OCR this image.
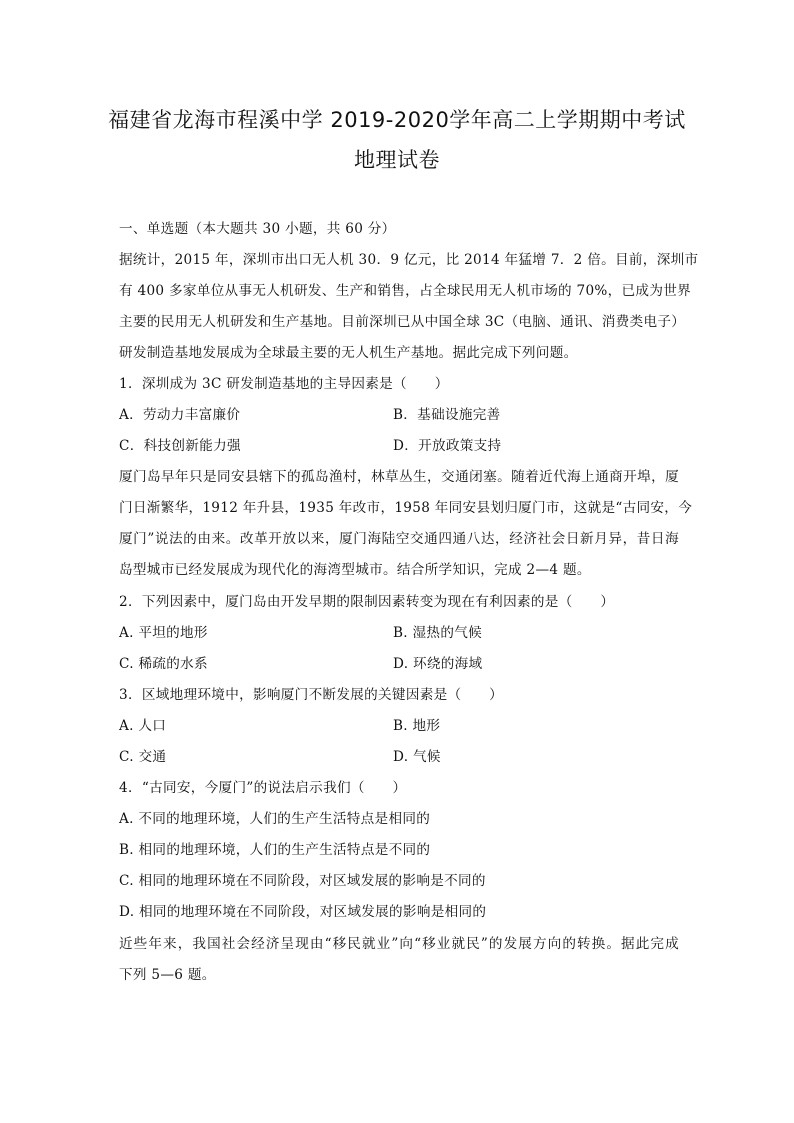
福建省龙海市程溪中学 2019-2020学年高二上学期期中考试
地理试卷
一、单选题（本大题共 30 小题，共 60 分）
据统计，2015 年，深圳市出口无人机 30．9 亿元，比 2014 年猛增 7．2 倍。目前，深圳市
有 400 多家单位从事无人机研发、生产和销售，占全球民用无人机市场的 70%，已成为世界
主要的民用无人机研发和生产基地。目前深圳已从中国全球 3C（电脑、通讯、消费类电子）
研发制造基地发展成为全球最主要的无人机生产基地。据此完成下列问题。
1．深圳成为 3C 研发制造基地的主导因素是（　　）
A．劳动力丰富廉价	B．基础设施完善
C．科技创新能力强	D．开放政策支持
厦门岛早年只是同安县辖下的孤岛渔村，林草丛生，交通闭塞。随着近代海上通商开埠，厦
门日渐繁华，1912 年升县，1935 年改市，1958 年同安县划归厦门市，这就是“古同安，今
厦门”说法的由来。改革开放以来，厦门海陆空交通四通八达，经济社会日新月异，昔日海
岛型城市已经发展成为现代化的海湾型城市。结合所学知识，完成 2—4 题。
2．下列因素中，厦门岛由开发早期的限制因素转变为现在有利因素的是（　　）
A. 平坦的地形	B. 湿热的气候
C. 稀疏的水系	D. 环绕的海域
3．区域地理环境中，影响厦门不断发展的关键因素是（　　）
A. 人口	B. 地形
C. 交通	D. 气候
4．“古同安，今厦门”的说法启示我们（　　）
A. 不同的地理环境，人们的生产生活特点是相同的
B. 相同的地理环境，人们的生产生活特点是不同的
C. 相同的地理环境在不同阶段，对区域发展的影响是不同的
D. 相同的地理环境在不同阶段，对区域发展的影响是相同的
近些年来，我国社会经济呈现由“移民就业”向“移业就民”的发展方向的转换。据此完成
下列 5—6 题。
